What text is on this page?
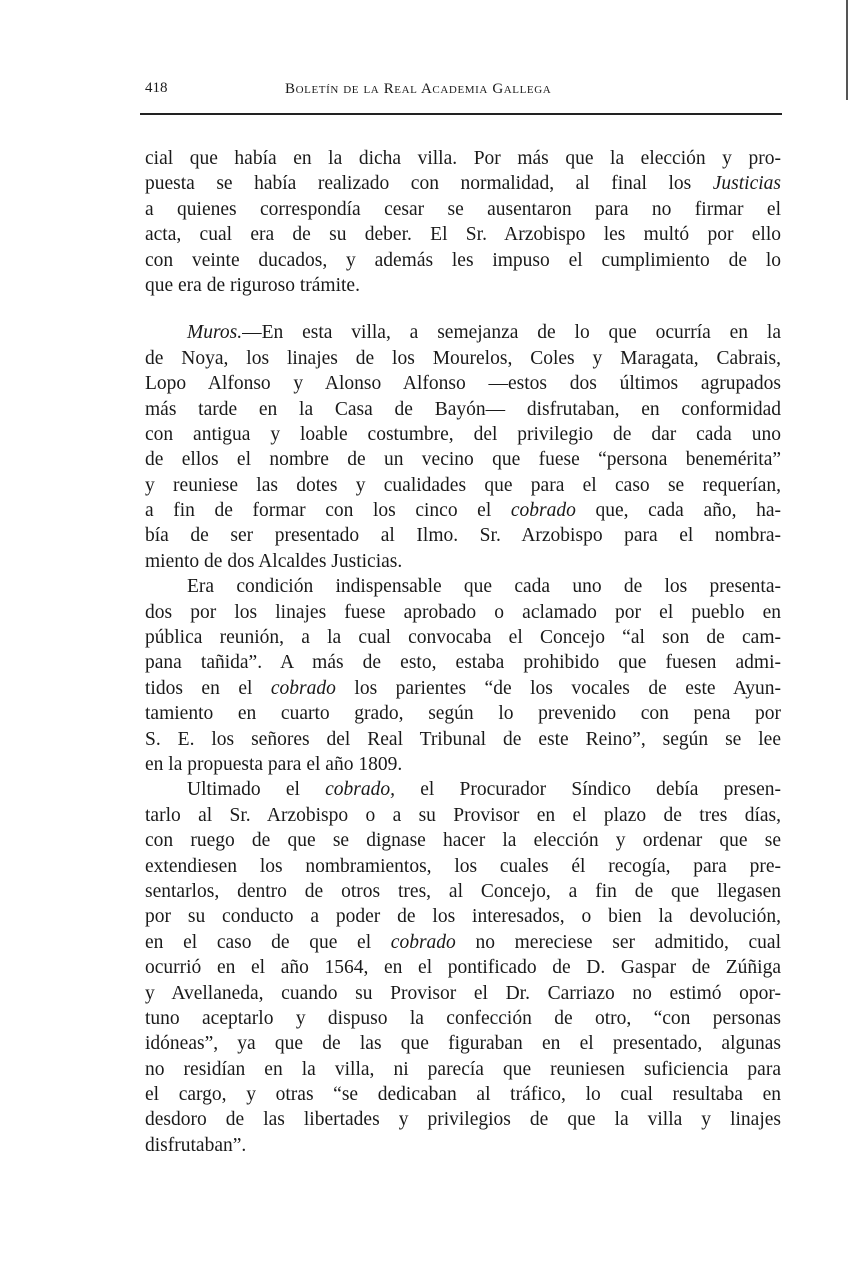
418	Boletín de la Real Academia Gallega
cial que había en la dicha villa. Por más que la elección y pro-
puesta se había realizado con normalidad, al final los Justicias
a quienes correspondía cesar se ausentaron para no firmar el
acta, cual era de su deber. El Sr. Arzobispo les multó por ello
con veinte ducados, y además les impuso el cumplimiento de lo
que era de riguroso trámite.
Muros.—En esta villa, a semejanza de lo que ocurría en la
de Noya, los linajes de los Mourelos, Coles y Maragata, Cabrais,
Lopo Alfonso y Alonso Alfonso —estos dos últimos agrupados
más tarde en la Casa de Bayón— disfrutaban, en conformidad
con antigua y loable costumbre, del privilegio de dar cada uno
de ellos el nombre de un vecino que fuese “persona benemérita”
y reuniese las dotes y cualidades que para el caso se requerían,
a fin de formar con los cinco el cobrado que, cada año, ha-
bía de ser presentado al Ilmo. Sr. Arzobispo para el nombra-
miento de dos Alcaldes Justicias.
Era condición indispensable que cada uno de los presenta-
dos por los linajes fuese aprobado o aclamado por el pueblo en
pública reunión, a la cual convocaba el Concejo “al son de cam-
pana tañida”. A más de esto, estaba prohibido que fuesen admi-
tidos en el cobrado los parientes “de los vocales de este Ayun-
tamiento en cuarto grado, según lo prevenido con pena por
S. E. los señores del Real Tribunal de este Reino”, según se lee
en la propuesta para el año 1809.
Ultimado el cobrado, el Procurador Síndico debía presen-
tarlo al Sr. Arzobispo o a su Provisor en el plazo de tres días,
con ruego de que se dignase hacer la elección y ordenar que se
extendiesen los nombramientos, los cuales él recogía, para pre-
sentarlos, dentro de otros tres, al Concejo, a fin de que llegasen
por su conducto a poder de los interesados, o bien la devolución,
en el caso de que el cobrado no mereciese ser admitido, cual
ocurrió en el año 1564, en el pontificado de D. Gaspar de Zúñiga
y Avellaneda, cuando su Provisor el Dr. Carriazo no estimó opor-
tuno aceptarlo y dispuso la confección de otro, “con personas
idóneas”, ya que de las que figuraban en el presentado, algunas
no residían en la villa, ni parecía que reuniesen suficiencia para
el cargo, y otras “se dedicaban al tráfico, lo cual resultaba en
desdoro de las libertades y privilegios de que la villa y linajes
disfrutaban”.
